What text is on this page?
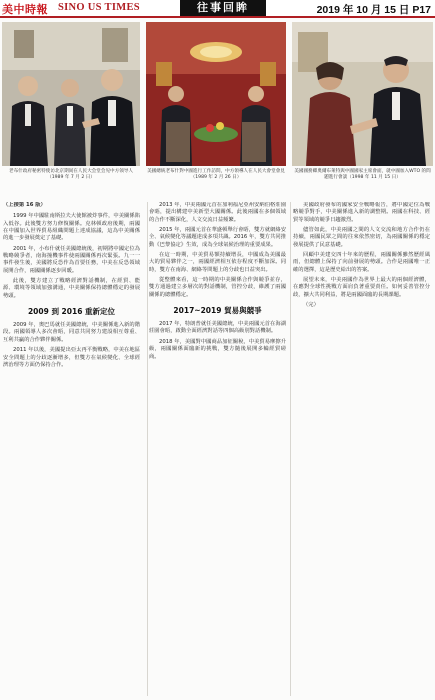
美中時報 SINO US TIMES	往事回眸	2019 年 10 月 15 日 P17
老布什政府秘密特使访北京期间在人民大会堂会见中方领导人（1989 年 7 月 2 日）
美國總統老布什對中國進行工作訪問，中方領導人在人民大會堂會見（1989 年 2 月 26 日）
美國國務卿奧爾布萊特與中國國家主席會面，就中國加入WTO 的問題進行會談（1998 年 11 月 15 日）

（上接第 16 版）

1999 年中國駐南斯拉夫大使館被炸事件，中美關係陷入低谷。此後雙方努力修復關係。克林頓政府後期，兩國在中國加入世界貿易組織問題上達成協議，這為中美關係的進一步發展奠定了基礎。

2001 年，小布什就任美國總統後，初期將中國定位為戰略競爭者，南海撞機事件使兩國關係再次緊張。九一一事件發生後，美國將反恐作為首要任務，中美在反恐領域展開合作，兩國關係逐步回暖。

此後，雙方建立了戰略經濟對話機制，在經貿、能源、環境等領域加強溝通，中美關係保持總體穩定的發展勢頭。

2009 到 2016 重新定位

2009 年，奧巴馬就任美國總統，中美關係進入新的階段。兩國領導人多次會晤，同意共同努力建設相互尊重、互利共贏的合作夥伴關係。

2011 年以後，美國提出亞太再平衡戰略，中美在地區安全問題上的分歧逐漸增多，但雙方在氣候變化、全球經濟治理等方面仍保持合作。

2013 年，中美兩國元首在加利福尼亞州安納伯格莊園會晤，提出構建中美新型大國關係。此後兩國在多個領域的合作不斷深化，人文交流日益頻繁。

2015 年，兩國元首在華盛頓舉行會晤，雙方就網絡安全、氣候變化等議題達成多項共識。2016 年，雙方共同推動《巴黎協定》生效，成為全球氣候治理的重要成果。

在這一時期，中美貿易額持續增長，中國成為美國最大的貿易夥伴之一，兩國經濟相互依存程度不斷加深。同時，雙方在南海、網絡等問題上的分歧也日益突出。

從整體來看，這一時期的中美關係合作與競爭並存，雙方通過建立多層次的對話機制，管控分歧，維護了兩國關係的總體穩定。

2017~2019 貿易與競爭

2017 年，特朗普就任美國總統，中美兩國元首在海湖莊園會晤，啟動全面經濟對話等四個高級別對話機制。

2018 年，美國對中國商品加征關稅，中美貿易摩擦升級，兩國關係面臨新的挑戰，雙方隨後展開多輪經貿磋商。

美國政府發布的國家安全戰略報告，將中國定位為戰略競爭對手，中美關係進入新的調整期。兩國在科技、經貿等領域的競爭日趨激烈。

儘管如此，中美兩國之間的人文交流和地方合作仍在持續，兩國民眾之間的往來依然密切，為兩國關係的穩定發展提供了民意基礎。

回顧中美建交四十年來的歷程，兩國關係雖然歷經風雨，但總體上保持了向前發展的勢頭。合作是兩國唯一正確的選擇，這是歷史給出的答案。

展望未來，中美兩國作為世界上最大的兩個經濟體，在應對全球性挑戰方面肩負著重要責任。如何妥善管控分歧，擴大共同利益，將是兩國面臨的長期課題。

（完）
